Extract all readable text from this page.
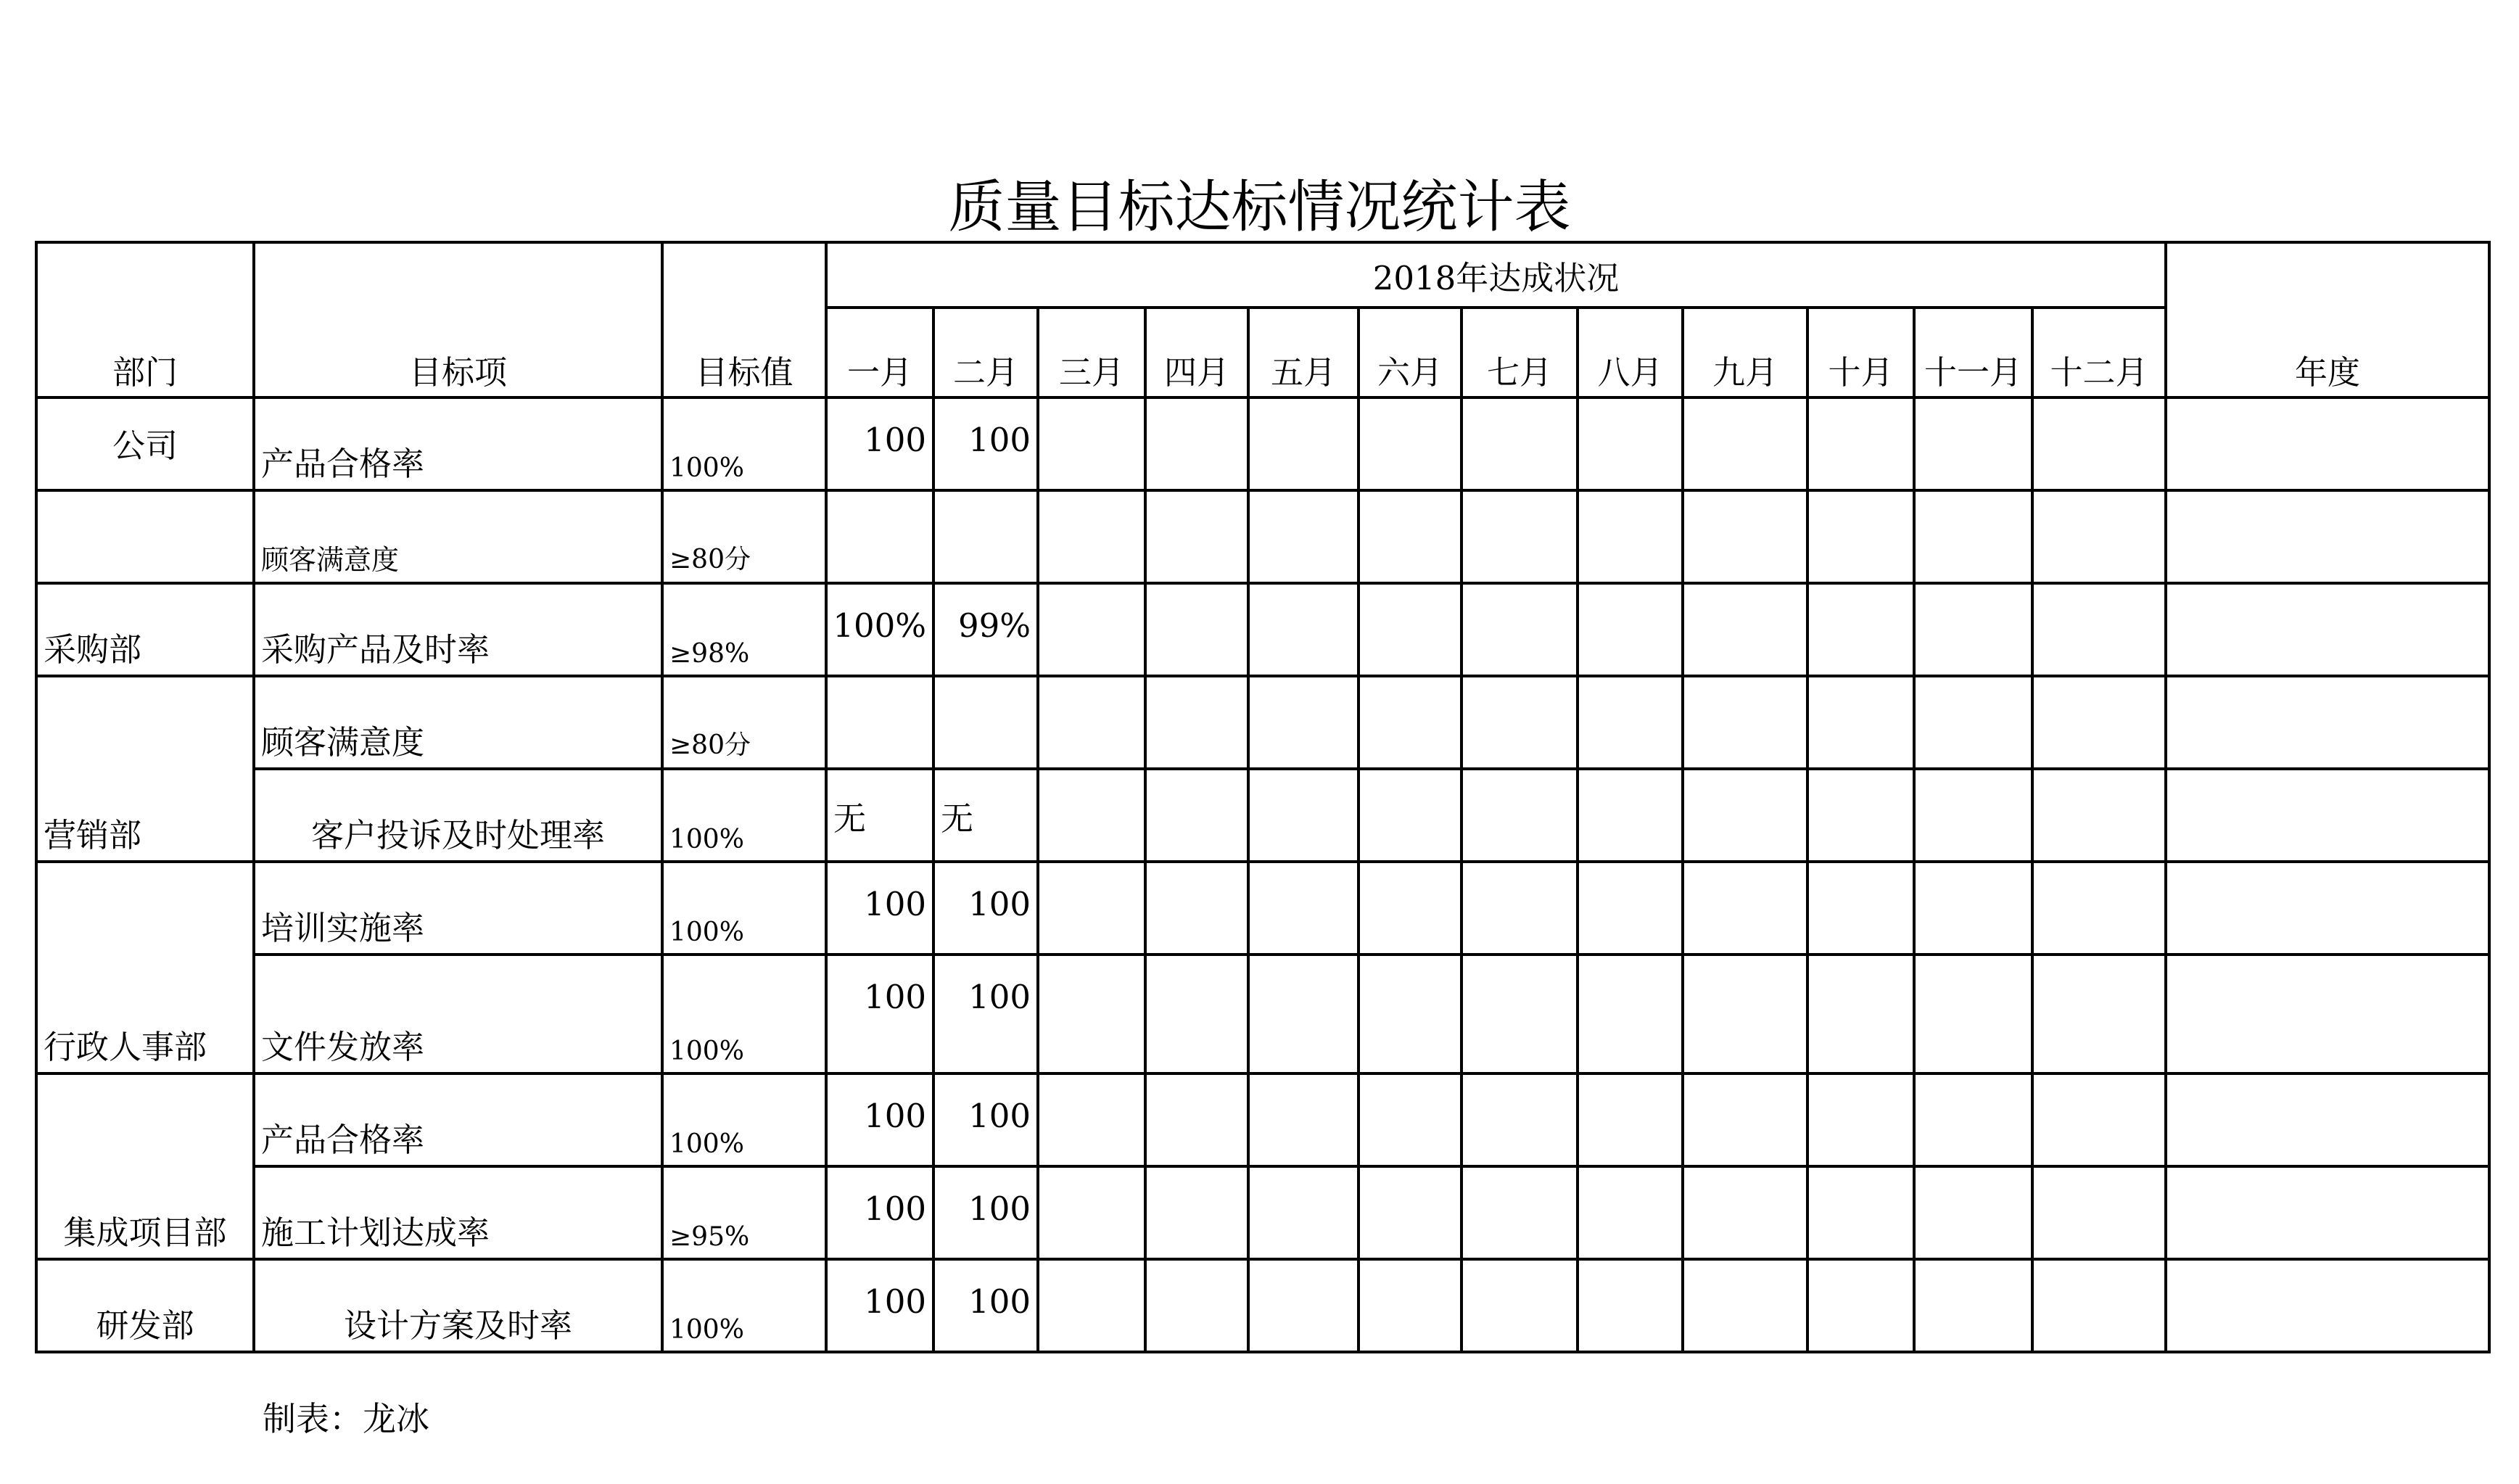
质量目标达标情况统计表
部门	目标项	目标值	2018年达成状况												年度
			一月	二月	三月	四月	五月	六月	七月	八月	九月	十月	十一月	十二月	
公司	产品合格率	100%	100	100											
	顾客满意度	≥80分													
采购部	采购产品及时率	≥98%	100%	99%											
营销部	顾客满意度	≥80分													
	客户投诉及时处理率	100%	无	无											
行政人事部	培训实施率	100%	100	100											
	文件发放率	100%	100	100											
集成项目部	产品合格率	100%	100	100											
	施工计划达成率	≥95%	100	100											
研发部	设计方案及时率	100%	100	100											
制表：龙冰
